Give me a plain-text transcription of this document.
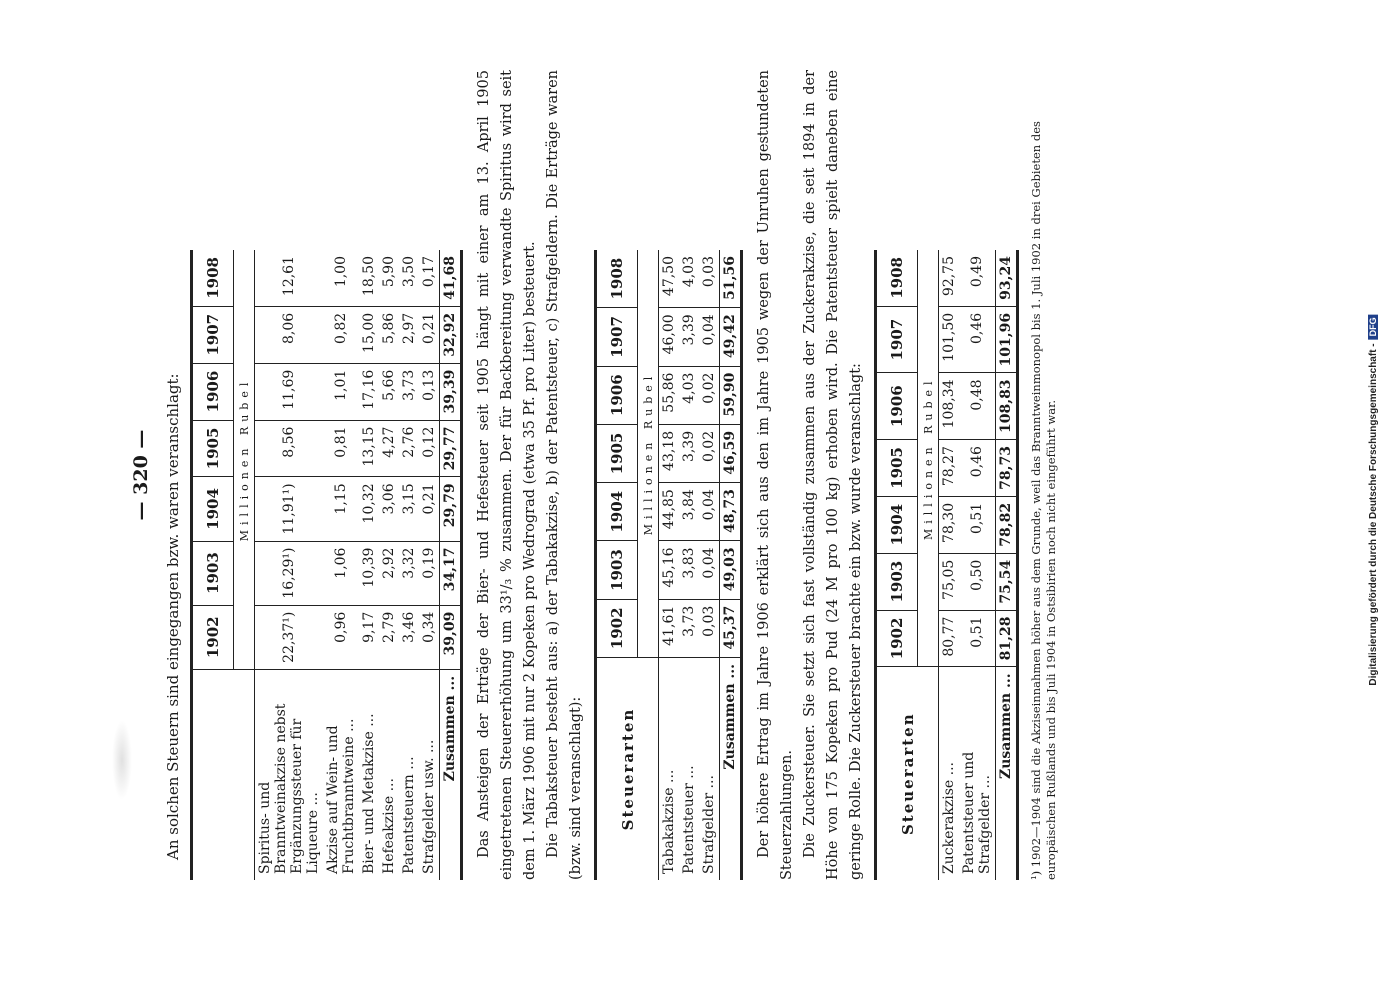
— 320 — An solchen Steuern sind eingegangen bzw. waren veranschlagt:
	1902	1903	1904	1905	1906	1907	1908
	Millionen Rubel						
Spiritus- und Branntweinakzise nebst Ergänzungssteuer für Liqueure ...	22,37¹)	16,29¹)	11,91¹)	8,56	11,69	8,06	12,61
Akzise auf Wein- und Fruchtbranntweine ...	0,96	1,06	1,15	0,81	1,01	0,82	1,00
Bier- und Metakzise ...	9,17	10,39	10,32	13,15	17,16	15,00	18,50
Hefeakzise ...	2,79	2,92	3,06	4,27	5,66	5,86	5,90
Patentsteuern ...	3,46	3,32	3,15	2,76	3,73	2,97	3,50
Strafgelder usw. ...	0,34	0,19	0,21	0,12	0,13	0,21	0,17
Zusammen ...	39,09	34,17	29,79	29,77	39,39	32,92	41,68 Das Ansteigen der Erträge der Bier- und Hefesteuer seit 1905 hängt mit einer am 13. April 1905 eingetretenen Steuererhöhung um 33¹/₃ % zusammen. Der für Backbereitung verwandte Spiritus wird seit dem 1. März 1906 mit nur 2 Kopeken pro Wedrograd (etwa 35 Pf. pro Liter) besteuert. Die Tabaksteuer besteht aus: a) der Tabakakzise, b) der Patentsteuer, c) Strafgeldern. Die Erträge waren (bzw. sind veranschlagt): Steuerarten	1902	1903	1904	1905	1906	1907	1908
	Millionen Rubel						
Tabakakzise ...	41,61	45,16	44,85	43,18	55,86	46,00	47,50
Patentsteuer ...	3,73	3,83	3,84	3,39	4,03	3,39	4,03
Strafgelder ...	0,03	0,04	0,04	0,02	0,02	0,04	0,03
Zusammen ...	45,37	49,03	48,73	46,59	59,90	49,42	51,56 Der höhere Ertrag im Jahre 1906 erklärt sich aus den im Jahre 1905 wegen der Unruhen gestundeten Steuerzahlungen. Die Zuckersteuer. Sie setzt sich fast vollständig zusammen aus der Zuckerakzise, die seit 1894 in der Höhe von 175 Kopeken pro Pud (24 M pro 100 kg) erhoben wird. Die Patentsteuer spielt daneben eine geringe Rolle. Die Zuckersteuer brachte ein bzw. wurde veranschlagt: Steuerarten	1902	1903	1904	1905	1906	1907	1908
	Millionen Rubel						
Zuckerakzise ...	80,77	75,05	78,30	78,27	108,34	101,50	92,75
Patentsteuer und Strafgelder ...	0,51	0,50	0,51	0,46	0,48	0,46	0,49
Zusammen ...	81,28	75,54	78,82	78,73	108,83	101,96	93,24 ¹) 1902—1904 sind die Akziseinnahmen höher aus dem Grunde, weil das Branntweinmonopol bis 1. Juli 1902 in drei Gebieten des europäischen Rußlands und bis Juli 1904 in Ostsibirien noch nicht eingeführt war.	Digitalisierung gefördert durch die Deutsche Forschungsgemeinschaft -DFG
